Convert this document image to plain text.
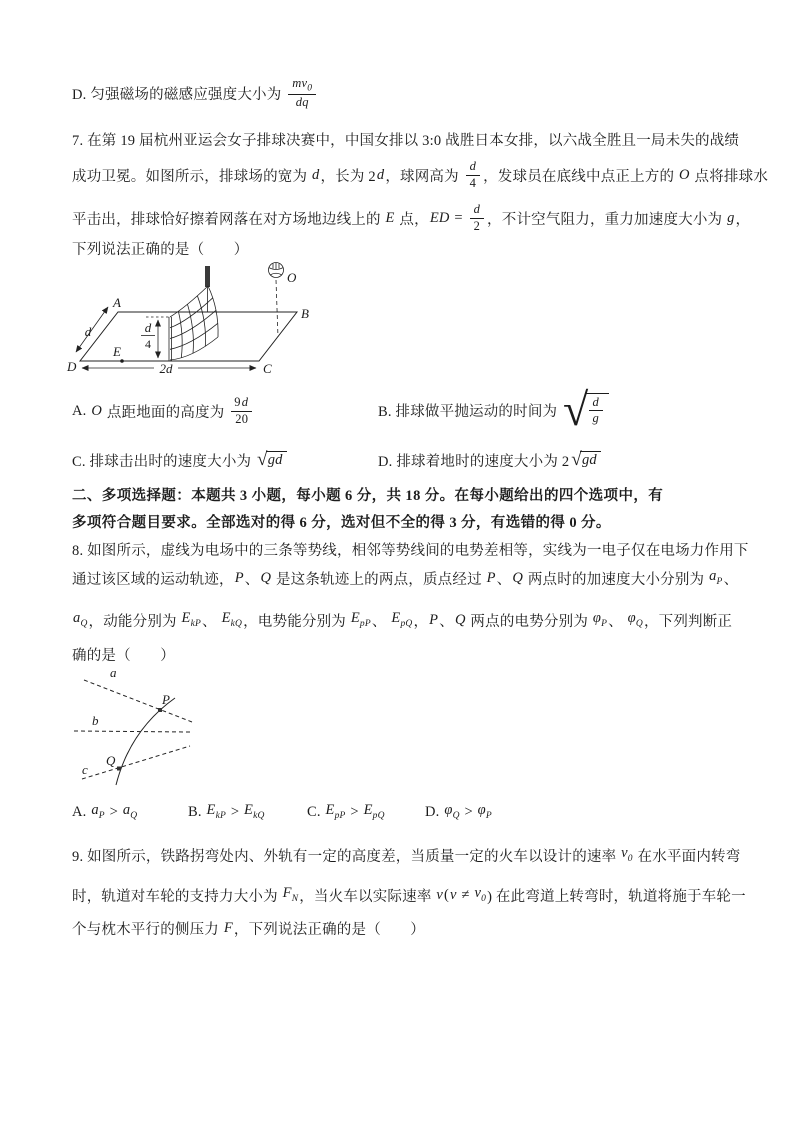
D. 匀强磁场的磁感应强度大小为 $\frac{mv_0}{dq}$
7. 在第 19 届杭州亚运会女子排球决赛中，中国女排以 3:0 战胜日本女排，以六战全胜且一局未失的战绩
成功卫冕。如图所示，排球场的宽为 d ，长为 2 d ，球网高为 $\frac{d}{4}$ ，发球员在底线中点正上方的 O 点将排球水
平击出，排球恰好擦着网落在对方场地边线上的 E 点， ED = $\frac{d}{2}$ ，不计空气阻力，重力加速度大小为 g ，
下列说法正确的是（　　）
d
4
A
B
C
D
E
d
2d
O
A. O 点距地面的高度为 $\frac{9d}{20}$	B. 排球做平抛运动的时间为 √ $\frac{d}{g}$
C. 排球击出时的速度大小为 √ gd	D. 排球着地时的速度大小为 2 √ gd
二、多项选择题：本题共 3 小题，每小题 6 分，共 18 分。在每小题给出的四个选项中，有
多项符合题目要求。全部选对的得 6 分，选对但不全的得 3 分，有选错的得 0 分。
8. 如图所示，虚线为电场中的三条等势线，相邻等势线间的电势差相等，实线为一电子仅在电场力作用下
通过该区域的运动轨迹， P 、 Q 是这条轨迹上的两点，质点经过 P 、 Q 两点时的加速度大小分别为 $a_P$ 、
$a_Q$ ，动能分别为 $E_{kP}$ 、 $E_{kQ}$ ，电势能分别为 $E_{pP}$ 、 $E_{pQ}$ ， P 、 Q 两点的电势分别为 $\varphi_P$ 、 $\varphi_Q$ ，下列判断正
确的是（　　）
a
b
c
P
Q
A. $a_P > a_Q$	B. $E_{kP} > E_{kQ}$	C. $E_{pP} > E_{pQ}$	D. $\varphi_Q > \varphi_P$
9. 如图所示，铁路拐弯处内、外轨有一定的高度差，当质量一定的火车以设计的速率 $v_0$ 在水平面内转弯
时，轨道对车轮的支持力大小为 $F_N$ ，当火车以实际速率 v ( $v \ne v_0$ ) 在此弯道上转弯时，轨道将施于车轮一
个与枕木平行的侧压力 F ，下列说法正确的是（　　）
